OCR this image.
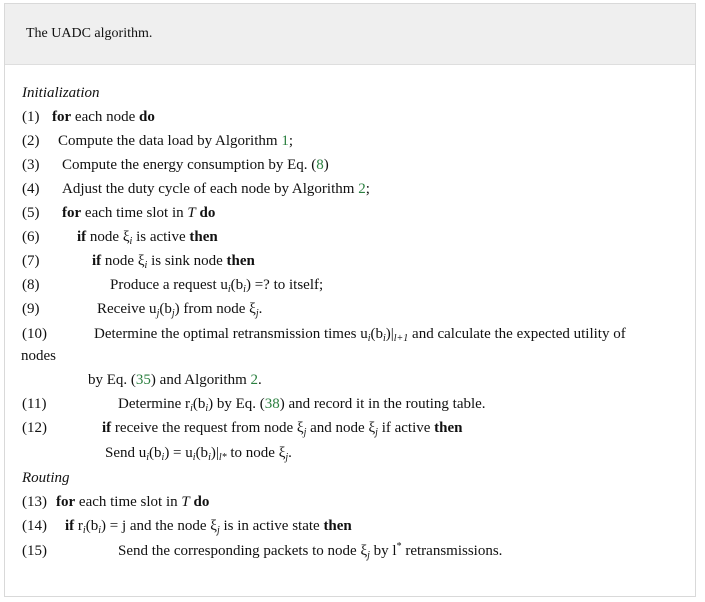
The UADC algorithm.
Initialization
(1) for each node do
(2) Compute the data load by Algorithm 1;
(3) Compute the energy consumption by Eq. (8)
(4) Adjust the duty cycle of each node by Algorithm 2;
(5) for each time slot in T do
(6)	if node $\xi_i$ is active then
(7)	if node $\xi_i$ is sink node then
(8)	Produce a request $u_i(b_i)$ =? to itself;
(9)	Receive $u_j(b_j)$ from node $\xi_j$.
(10)	Determine the optimal retransmission times $u_i(b_i)|_{l+1}$ and calculate the expected utility of
nodes
by Eq. (35) and Algorithm 2.
(11)	Determine $r_i(b_i)$ by Eq. (38) and record it in the routing table.
(12)	if receive the request from node $\xi_j$ and node $\xi_j$ if active then
Send $u_i(b_i) = u_i(b_i)|_{l*}$ to node $\xi_j$.
Routing
(13) for each time slot in T do
(14) if $r_i(b_i) = j$ and the node $\xi_j$ is in active state then
(15)	Send the corresponding packets to node $\xi_j$ by l* retransmissions.
